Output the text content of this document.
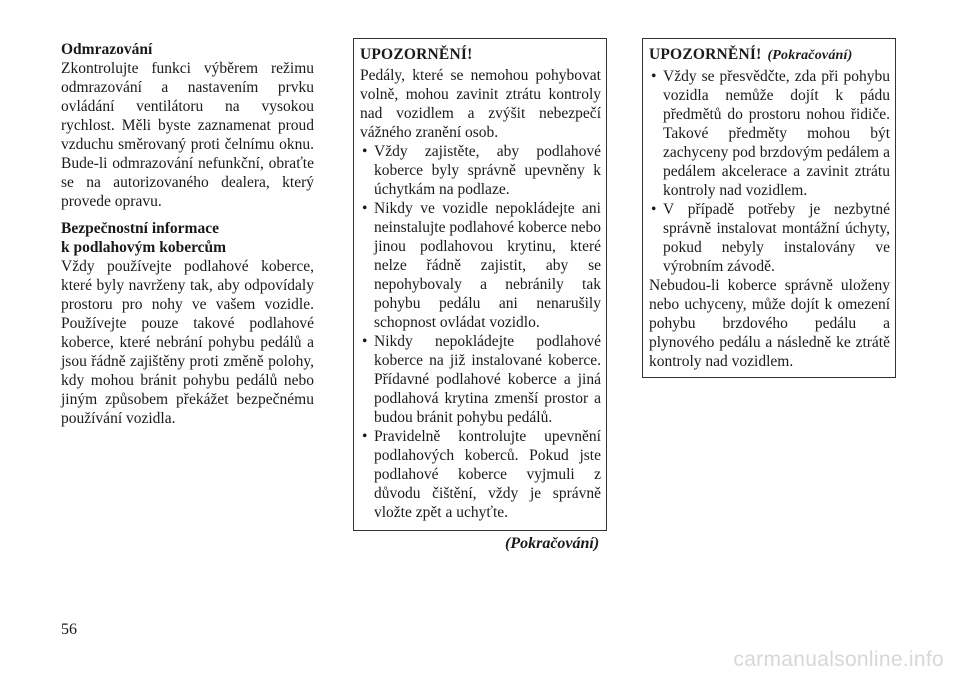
Odmrazování

Zkontrolujte funkci výběrem režimu odmrazování a nastavením prvku ovládání ventilátoru na vysokou rychlost. Měli byste zaznamenat proud vzduchu směrovaný proti čelnímu oknu. Bude-li odmrazování nefunkční, obraťte se na autorizovaného dealera, který provede opravu.

Bezpečnostní informace

k podlahovým kobercům

Vždy používejte podlahové koberce, které byly navrženy tak, aby odpovídaly prostoru pro nohy ve vašem vozidle. Používejte pouze takové podlahové koberce, které nebrání pohybu pedálů a jsou řádně zajištěny proti změně polohy, kdy mohou bránit pohybu pedálů nebo jiným způsobem překážet bezpečnému používání vozidla.

UPOZORNĚNÍ!

Pedály, které se nemohou pohybovat volně, mohou zavinit ztrátu kontroly nad vozidlem a zvýšit nebezpečí vážného zranění osob.

• Vždy zajistěte, aby podlahové koberce byly správně upevněny k úchytkám na podlaze.
• Nikdy ve vozidle nepokládejte ani neinstalujte podlahové koberce nebo jinou podlahovou krytinu, které nelze řádně zajistit, aby se nepohybovaly a nebránily tak pohybu pedálu ani nenarušily schopnost ovládat vozidlo.
• Nikdy nepokládejte podlahové koberce na již instalované koberce. Přídavné podlahové koberce a jiná podlahová krytina zmenší prostor a budou bránit pohybu pedálů.
• Pravidelně kontrolujte upevnění podlahových koberců. Pokud jste podlahové koberce vyjmuli z důvodu čištění, vždy je správně vložte zpět a uchyťte.
(Pokračování)

UPOZORNĚNÍ! (Pokračování)

• Vždy se přesvědčte, zda při pohybu vozidla nemůže dojít k pádu předmětů do prostoru nohou řidiče. Takové předměty mohou být zachyceny pod brzdovým pedálem a pedálem akcelerace a zavinit ztrátu kontroly nad vozidlem.
• V případě potřeby je nezbytné správně instalovat montážní úchyty, pokud nebyly instalovány ve výrobním závodě.

Nebudou-li koberce správně uloženy nebo uchyceny, může dojít k omezení pohybu brzdového pedálu a plynového pedálu a následně ke ztrátě kontroly nad vozidlem.

56
carmanualsonline.info
